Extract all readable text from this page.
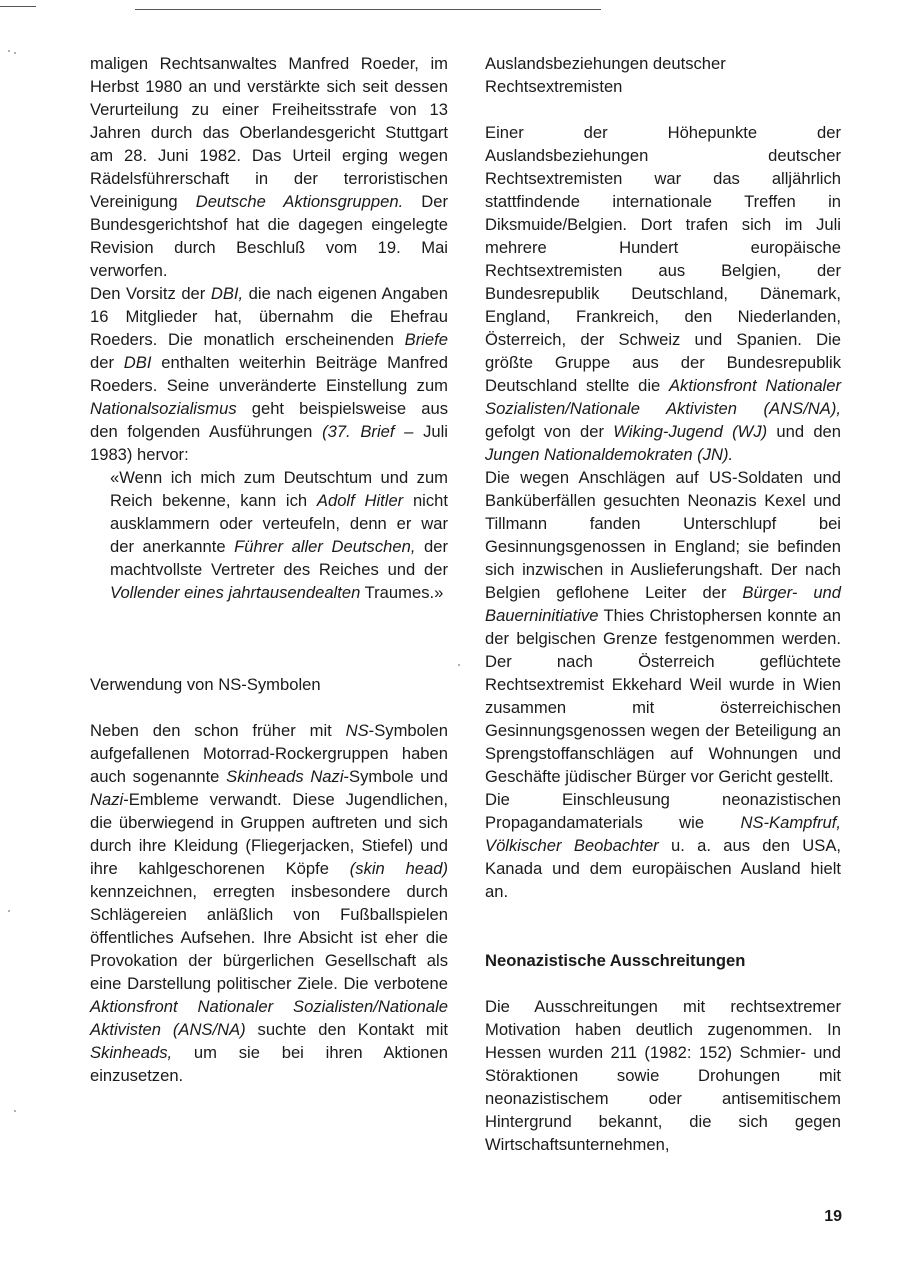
maligen Rechtsanwaltes Manfred Roeder, im Herbst 1980 an und verstärkte sich seit dessen Verurteilung zu einer Freiheitsstrafe von 13 Jahren durch das Oberlandesgericht Stuttgart am 28. Juni 1982. Das Urteil erging wegen Rädelsführerschaft in der terroristischen Vereinigung Deutsche Aktionsgruppen. Der Bundesgerichtshof hat die dagegen eingelegte Revision durch Beschluß vom 19. Mai verworfen.

Den Vorsitz der DBI, die nach eigenen Angaben 16 Mitglieder hat, übernahm die Ehefrau Roeders. Die monatlich erscheinenden Briefe der DBI enthalten weiterhin Beiträge Manfred Roeders. Seine unveränderte Einstellung zum Nationalsozialismus geht beispielsweise aus den folgenden Ausführungen (37. Brief – Juli 1983) hervor:

«Wenn ich mich zum Deutschtum und zum Reich bekenne, kann ich Adolf Hitler nicht ausklammern oder verteufeln, denn er war der anerkannte Führer aller Deutschen, der machtvollste Vertreter des Reiches und der Vollender eines jahrtausendealten Traumes.»

Verwendung von NS-Symbolen

Neben den schon früher mit NS-Symbolen aufgefallenen Motorrad-Rockergruppen haben auch sogenannte Skinheads Nazi-Symbole und Nazi-Embleme verwandt. Diese Jugendlichen, die überwiegend in Gruppen auftreten und sich durch ihre Kleidung (Fliegerjacken, Stiefel) und ihre kahlgeschorenen Köpfe (skin head) kennzeichnen, erregten insbesondere durch Schlägereien anläßlich von Fußballspielen öffentliches Aufsehen. Ihre Absicht ist eher die Provokation der bürgerlichen Gesellschaft als eine Darstellung politischer Ziele. Die verbotene Aktionsfront Nationaler Sozialisten/Nationale Aktivisten (ANS/NA) suchte den Kontakt mit Skinheads, um sie bei ihren Aktionen einzusetzen.

Auslandsbeziehungen deutscher Rechtsextremisten

Einer der Höhepunkte der Auslandsbeziehungen deutscher Rechtsextremisten war das alljährlich stattfindende internationale Treffen in Diksmuide/Belgien. Dort trafen sich im Juli mehrere Hundert europäische Rechtsextremisten aus Belgien, der Bundesrepublik Deutschland, Dänemark, England, Frankreich, den Niederlanden, Österreich, der Schweiz und Spanien. Die größte Gruppe aus der Bundesrepublik Deutschland stellte die Aktionsfront Nationaler Sozialisten/Nationale Aktivisten (ANS/NA), gefolgt von der Wiking-Jugend (WJ) und den Jungen Nationaldemokraten (JN).

Die wegen Anschlägen auf US-Soldaten und Banküberfällen gesuchten Neonazis Kexel und Tillmann fanden Unterschlupf bei Gesinnungsgenossen in England; sie befinden sich inzwischen in Auslieferungshaft. Der nach Belgien geflohene Leiter der Bürger- und Bauerninitiative Thies Christophersen konnte an der belgischen Grenze festgenommen werden. Der nach Österreich geflüchtete Rechtsextremist Ekkehard Weil wurde in Wien zusammen mit österreichischen Gesinnungsgenossen wegen der Beteiligung an Sprengstoffanschlägen auf Wohnungen und Geschäfte jüdischer Bürger vor Gericht gestellt.

Die Einschleusung neonazistischen Propagandamaterials wie NS-Kampfruf, Völkischer Beobachter u. a. aus den USA, Kanada und dem europäischen Ausland hielt an.

Neonazistische Ausschreitungen

Die Ausschreitungen mit rechtsextremer Motivation haben deutlich zugenommen. In Hessen wurden 211 (1982: 152) Schmier- und Störaktionen sowie Drohungen mit neonazistischem oder antisemitischem Hintergrund bekannt, die sich gegen Wirtschaftsunternehmen,

19
